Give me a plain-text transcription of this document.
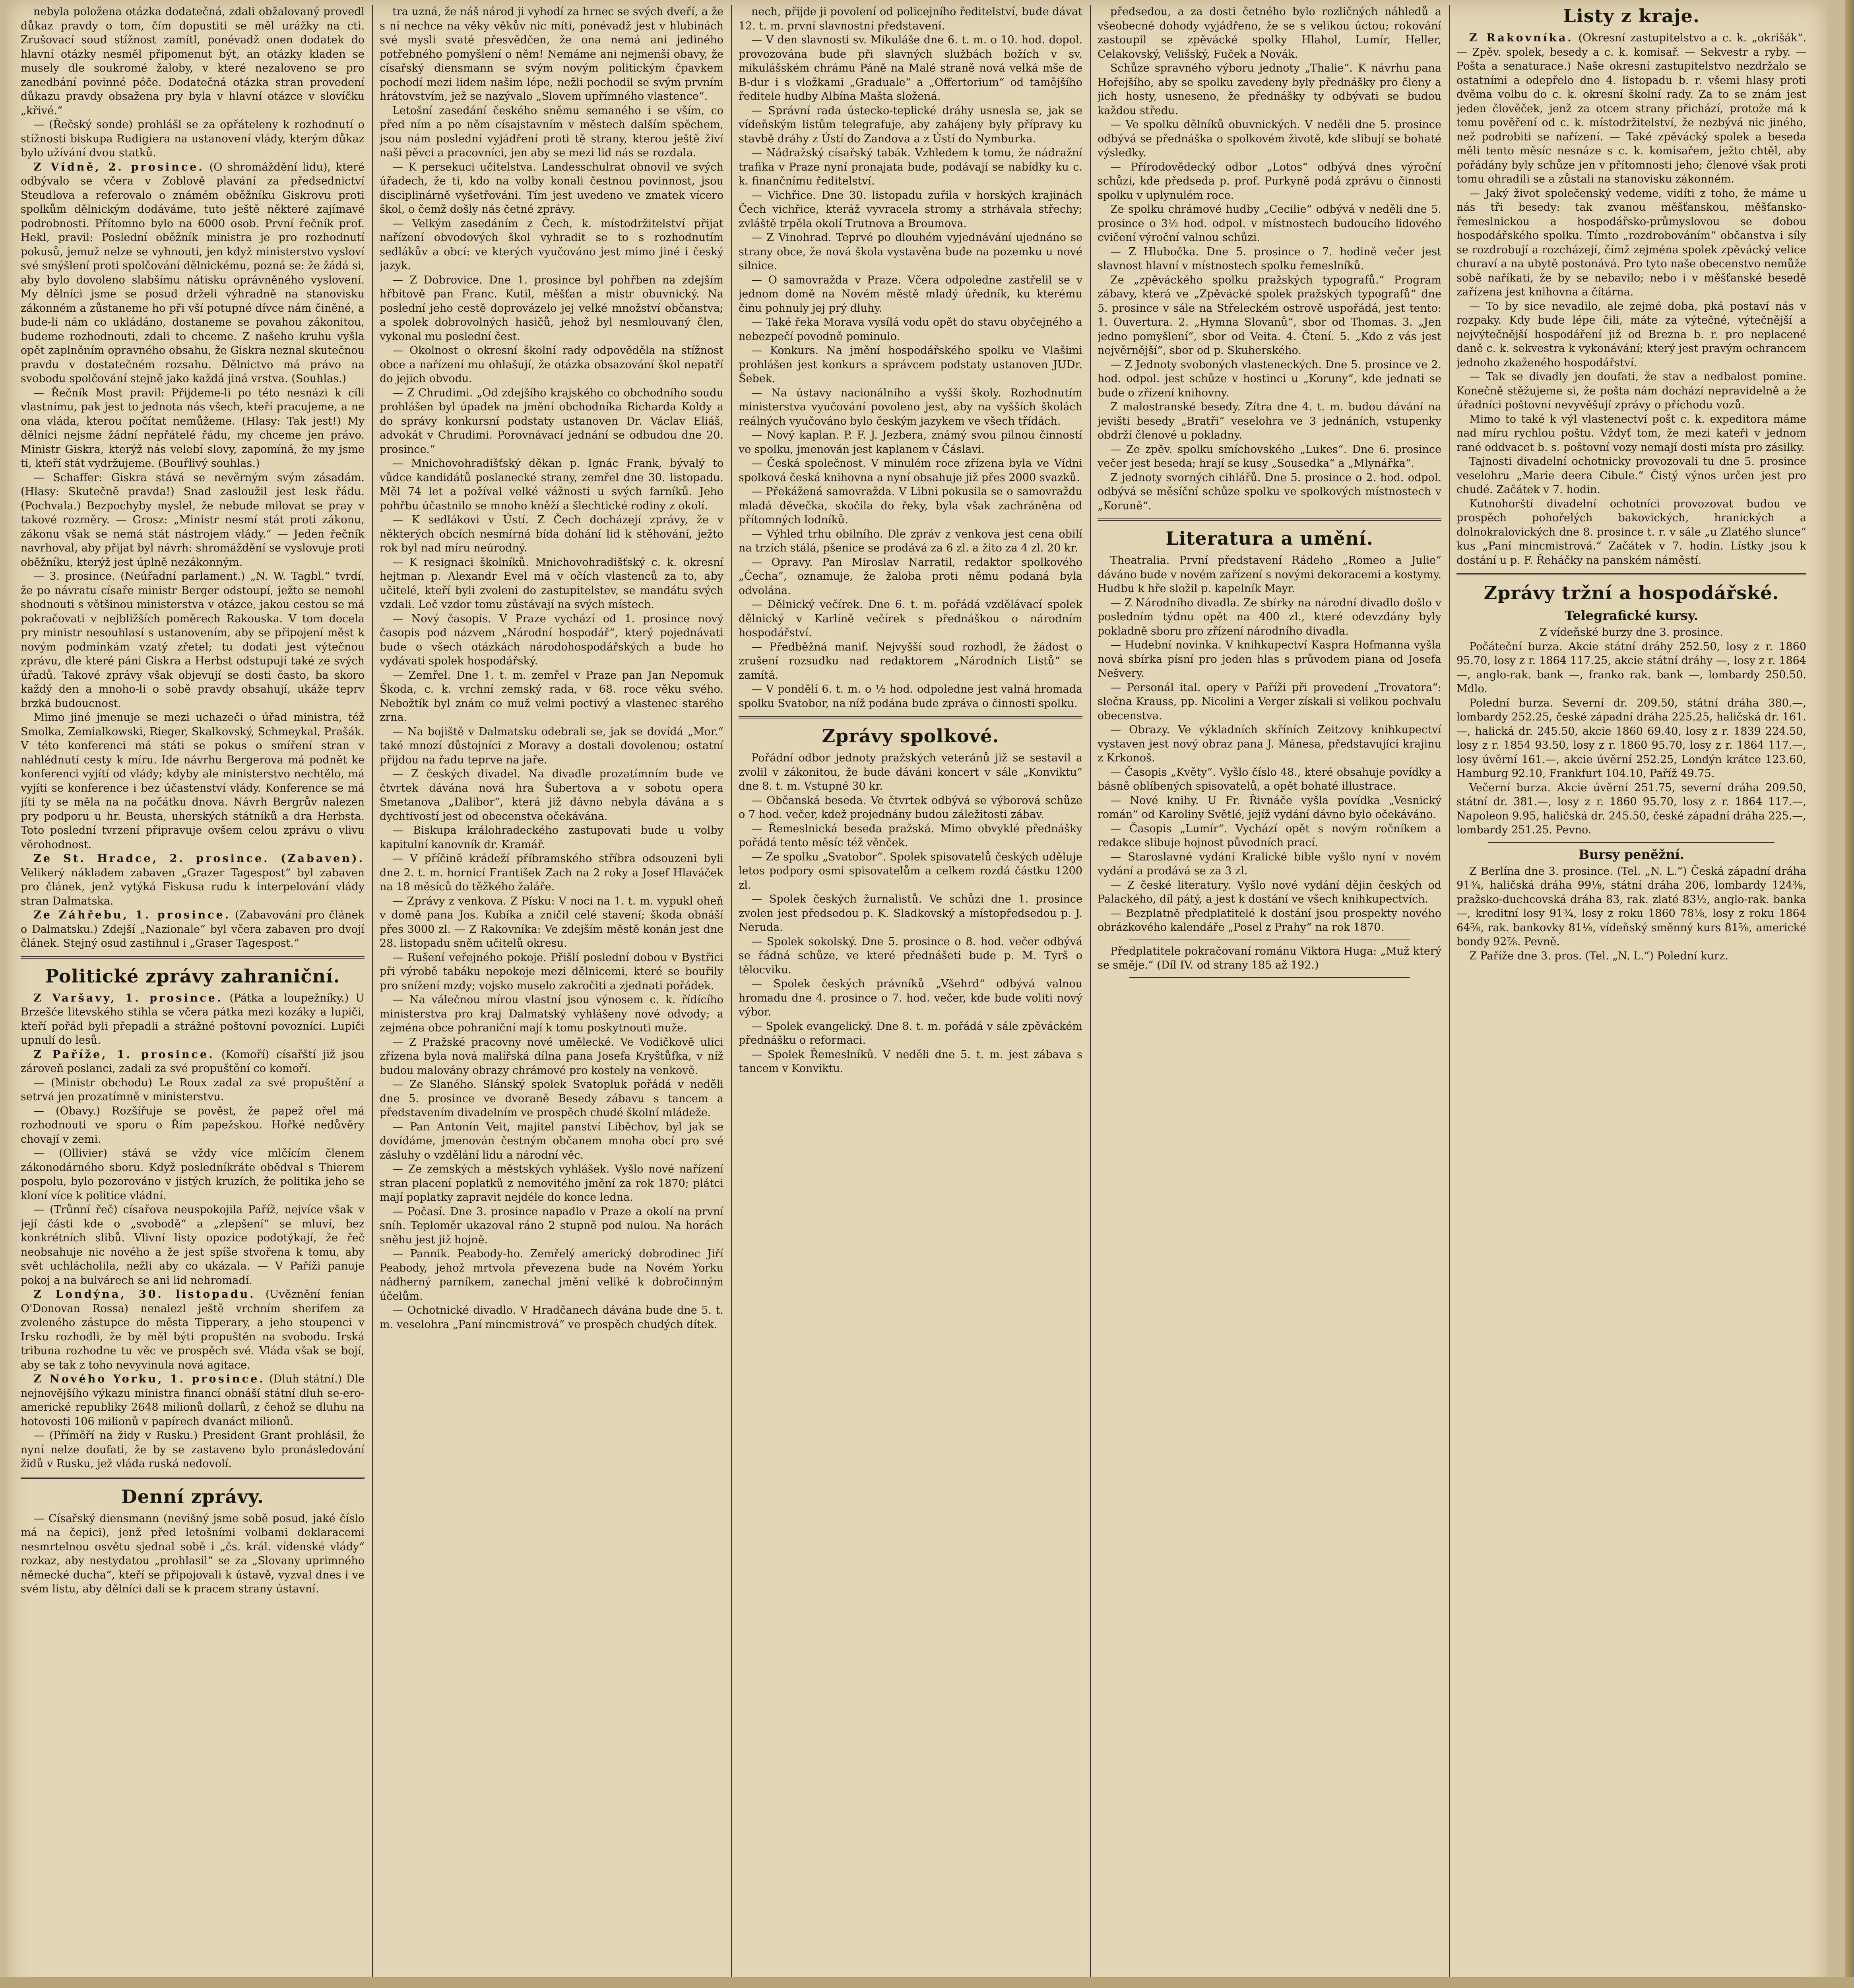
nebyla položena otázka dodatečná, zdali obžalovaný provedl důkaz pravdy o tom, čím dopustiti se měl urážky na cti. Zrušovací soud stížnost zamítl, ponévadž onen dodatek do hlavní otázky nesměl připomenut být, an otázky kladen se musely dle soukromé žaloby, v které nezaloveno se pro zanedbání povinné péče. Dodatečná otázka stran provedení důkazu pravdy obsažena pry byla v hlavní otázce v slovíčku „křivé.“

— (Řečský sonde) prohlášl se za opřáteleny k rozhodnutí o stížnosti biskupa Rudigiera na ustanovení vlády, kterým důkaz bylo užívání dvou statků.

Z Vídně, 2. prosince. (O shromáždění lidu), které odbývalo se včera v Zoblově plavání za předsednictví Steudlova a referovalo o známém oběžníku Giskrovu proti spolkům dělnickým dodáváme, tuto ještě některé zajímavé podrobnosti. Přítomno bylo na 6000 osob. První řečník prof. Hekl, pravil: Poslední oběžník ministra je pro rozhodnutí pokusů, jemuž nelze se vyhnouti, jen když ministerstvo vysloví své smýšlení proti spolčování dělnickému, pozná se: že žádá si, aby bylo dovoleno slabšímu nátisku oprávněného vyslovení. My dělníci jsme se posud drželi výhradně na stanovisku zákonném a zůstaneme ho při vší potupné dívce nám činěné, a bude-li nám co ukládáno, dostaneme se povahou zákonitou, budeme rozhodnouti, zdali to chceme. Z našeho kruhu vyšla opět zaplněním opravného obsahu, že Giskra neznal skutečnou pravdu v dostatečném rozsahu. Dělnictvo má právo na svobodu spolčování stejně jako každá jiná vrstva. (Souhlas.)

— Řečník Most pravil: Přijdeme-li po této nesnázi k cíli vlastnímu, pak jest to jednota nás všech, kteří pracujeme, a ne ona vláda, kterou počítat nemůžeme. (Hlasy: Tak jest!) My dělníci nejsme žádní nepřátelé řádu, my chceme jen právo. Ministr Giskra, kterýž nás velebí slovy, zapomíná, že my jsme ti, kteří stát vydržujeme. (Bouřlivý souhlas.)

— Schaffer: Giskra stává se nevěrným svým zásadám. (Hlasy: Skutečně pravda!) Snad zasloužil jest lesk řádu. (Pochvala.) Bezpochyby myslel, že nebude milovat se pray v takové rozměry. — Grosz: „Ministr nesmí stát proti zákonu, zákonu však se nemá stát nástrojem vlády.“ — Jeden řečník navrhoval, aby přijat byl návrh: shromáždění se vyslovuje proti oběžníku, kterýž jest úplně nezákonným.

— 3. prosince. (Neúřadní parlament.) „N. W. Tagbl.“ tvrdí, že po návratu císaře ministr Berger odstoupí, ježto se nemohl shodnouti s většinou ministerstva v otázce, jakou cestou se má pokračovati v nejbližších poměrech Rakouska. V tom docela pry ministr nesouhlasí s ustanovením, aby se připojení měst k novým podmínkám vzatý zřetel; tu dodati jest výtečnou zprávu, dle které páni Giskra a Herbst odstupují také ze svých úřadů. Takové zprávy však objevují se dosti často, ba skoro každý den a mnoho-li o sobě pravdy obsahují, ukáže teprv brzká budoucnost.

Mimo jiné jmenuje se mezi uchazeči o úřad ministra, též Smolka, Zemialkowski, Rieger, Skalkovský, Schmeykal, Prašák. V této konferenci má státi se pokus o smíření stran v nahlédnutí cesty k míru. Ide návrhu Bergerova má podnět ke konferenci vyjítí od vlády; kdyby ale ministerstvo nechtělo, má vyjíti se konference i bez účastenství vlády. Konference se má jíti ty se měla na na počátku dnova. Návrh Bergrův nalezen pry podporu u hr. Beusta, uherských státníků a dra Herbsta. Toto poslední tvrzení připravuje ovšem celou zprávu o vlivu věrohodnost.

Ze St. Hradce, 2. prosince. (Zabaven). Velikerý nákladem zabaven „Grazer Tagespost“ byl zabaven pro článek, jenž vytýká Fiskusa rudu k interpelování vlády stran Dalmatska.

Ze Záhřebu, 1. prosince. (Zabavování pro článek o Dalmatsku.) Zdejší „Nazionale“ byl včera zabaven pro dvojí článek. Stejný osud zastihnul i „Graser Tagespost.“

Politické zprávy zahraniční.

Z Varšavy, 1. prosince. (Pátka a loupežníky.) U Brzešće litevského stihla se včera pátka mezi kozáky a lupiči, kteří pořád byli přepadli a strážné poštovní povozníci. Lupiči upnulí do lesů.

Z Paříže, 1. prosince. (Komoří) císařští již jsou zároveň poslanci, zadali za své propuštění co komoří.

— (Ministr obchodu) Le Roux zadal za své propuštění a setrvá jen prozatímně v ministerstvu.

— (Obavy.) Rozšířuje se pověst, že papež ořel má rozhodnouti ve sporu o Řím papežskou. Hořké nedůvěry chovají v zemi.

— (Ollivier) stává se vždy více mlčícím členem zákonodárného sboru. Když posledníkráte obědval s Thierem pospolu, bylo pozorováno v jistých kruzích, že politika jeho se kloní více k politice vládní.

— (Trůnní řeč) císařova neuspokojila Paříž, nejvíce však v její části kde o „svobodě“ a „zlepšení“ se mluví, bez konkrétních slibů. Vlivní listy opozice podotýkají, že řeč neobsahuje nic nového a že jest spíše stvořena k tomu, aby svět uchlácholila, nežli aby co ukázala. — V Paříži panuje pokoj a na bulvárech se ani lid nehromadí.

Z Londýna, 30. listopadu. (Uvěznění fenian O'Donovan Rossa) nenalezl ještě vrchním sherifem za zvoleného zástupce do města Tipperary, a jeho stoupenci v Irsku rozhodli, že by měl býti propuštěn na svobodu. Irská tribuna rozhodne tu věc ve prospěch své. Vláda však se bojí, aby se tak z toho nevyvinula nová agitace.

Z Nového Yorku, 1. prosince. (Dluh státní.) Dle nejnovějšího výkazu ministra financí obnáší státní dluh se-ero-americké republiky 2648 milionů dollarů, z čehož se dluhu na hotovosti 106 milionů v papírech dvanáct milionů.

— (Příměří na židy v Rusku.) President Grant prohlásil, že nyní nelze doufati, že by se zastaveno bylo pronásledování židů v Rusku, jež vláda ruská nedovolí.

Denní zprávy.

— Císařský diensmann (nevišný jsme sobě posud, jaké číslo má na čepici), jenž před letošními volbami deklaracemi nesmrtelnou osvětu sjednal sobě i „čs. král. vídenské vlády“ rozkaz, aby nestydatou „prohlasil“ se za „Slovany uprimného německé ducha“, kteří se připojovali k ústavě, vyzval dnes i ve svém listu, aby dělníci dali se k pracem strany ústavní.

tra uzná, že náš národ ji vyhodí za hrnec se svých dveří, a že s ní nechce na věky věkův nic míti, ponévadž jest v hlubinách své mysli svaté přesvědčen, že ona nemá ani jediného potřebného pomyšlení o něm! Nemáme ani nejmenší obavy, že císařský diensmann se svým novým politickým čpavkem pochodí mezi lidem našim lépe, nežli pochodil se svým prvním hrátovstvím, jež se nazývalo „Slovem upřímného vlastence“.

Letošní zasedání českého sněmu semaného i se vším, co před ním a po něm císajstavním v městech dalším spěchem, jsou nám poslední vyjádření proti tě strany, kterou ještě živí naši pěvci a pracovníci, jen aby se mezi lid nás se rozdala.

— K persekuci učitelstva. Landesschulrat obnovil ve svých úřadech, že ti, kdo na volby konali čestnou povinnost, jsou disciplinárně vyšetřováni. Tím jest uvedeno ve zmatek vícero škol, o čemž došly nás četné zprávy.

— Velkým zasedáním z Čech, k. místodržitelství přijat nařízení obvodových škol vyhradit se to s rozhodnutím sedlákův a obcí: ve kterých vyučováno jest mimo jiné i český jazyk.

— Z Dobrovice. Dne 1. prosince byl pohřben na zdejším hřbitově pan Franc. Kutil, měšťan a mistr obuvnický. Na poslední jeho cestě doprovázelo jej velké množství občanstva; a spolek dobrovolných hasičů, jehož byl nesmlouvaný člen, vykonal mu poslední čest.

— Okolnost o okresní školní rady odpověděla na stížnost obce a nařízení mu ohlašují, že otázka obsazování škol nepatří do jejich obvodu.

— Z Chrudimi. „Od zdejšího krajského co obchodního soudu prohlášen byl úpadek na jmění obchodníka Richarda Koldy a do správy konkursní podstaty ustanoven Dr. Václav Eliáš, advokát v Chrudimi. Porovnávací jednání se odbudou dne 20. prosince.“

— Mnichovohradišťský děkan p. Ignác Frank, bývalý to vůdce kandidátů poslanecké strany, zemřel dne 30. listopadu. Měl 74 let a požíval velké vážnosti u svých farníků. Jeho pohřbu účastnilo se mnoho kněží a šlechtické rodiny z okolí.

— K sedlákovi v Ústí. Z Čech docházejí zprávy, že v některých obcích nesmírná bída dohání lid k stěhování, ježto rok byl nad míru neúrodný.

— K resignaci školníků. Mnichovohradišťský c. k. okresní hejtman p. Alexandr Evel má v očích vlastenců za to, aby učitelé, kteří byli zvoleni do zastupitelstev, se mandátu svých vzdali. Leč vzdor tomu zůstávají na svých místech.

— Nový časopis. V Praze vychází od 1. prosince nový časopis pod názvem „Národní hospodář“, který pojednávati bude o všech otázkách národohospodářských a bude ho vydávati spolek hospodářský.

— Zemřel. Dne 1. t. m. zemřel v Praze pan Jan Nepomuk Škoda, c. k. vrchní zemský rada, v 68. roce věku svého. Nebožtík byl znám co muž velmi poctivý a vlastenec starého zrna.

— Na bojiště v Dalmatsku odebrali se, jak se dovídá „Mor.“ také mnozí důstojníci z Moravy a dostali dovolenou; ostatní přijdou na řadu teprve na jaře.

— Z českých divadel. Na divadle prozatímním bude ve čtvrtek dávána nová hra Šubertova a v sobotu opera Smetanova „Dalibor“, která již dávno nebyla dávána a s dychtivostí jest od obecenstva očekávána.

— Biskupa králohradeckého zastupovati bude u volby kapitulní kanovník dr. Kramář.

— V příčině krádeží příbramského stříbra odsouzeni byli dne 2. t. m. hornicí František Zach na 2 roky a Josef Hlaváček na 18 měsíců do těžkého žaláře.

— Zprávy z venkova. Z Písku: V noci na 1. t. m. vypukl oheň v domě pana Jos. Kubíka a zničil celé stavení; škoda obnáší přes 3000 zl. — Z Rakovníka: Ve zdejším městě konán jest dne 28. listopadu sněm učitelů okresu.

— Rušení veřejného pokoje. Přišlí poslední dobou v Bystřici při výrobě tabáku nepokoje mezi dělnicemi, které se bouřily pro snížení mzdy; vojsko muselo zakročiti a zjednati pořádek.

— Na válečnou mírou vlastní jsou výnosem c. k. řídícího ministerstva pro kraj Dalmatský vyhlášeny nové odvody; a zejména obce pohraniční mají k tomu poskytnouti muže.

— Z Pražské pracovny nové umělecké. Ve Vodičkově ulici zřízena byla nová malířská dílna pana Josefa Kryštůfka, v níž budou malovány obrazy chrámové pro kostely na venkově.

— Ze Slaného. Slánský spolek Svatopluk pořádá v neděli dne 5. prosince ve dvoraně Besedy zábavu s tancem a představením divadelním ve prospěch chudé školní mládeže.

— Pan Antonín Veit, majitel panství Liběchov, byl jak se dovídáme, jmenován čestným občanem mnoha obcí pro své zásluhy o vzdělání lidu a národní věc.

— Ze zemských a městských vyhlášek. Vyšlo nové nařízení stran placení poplatků z nemovitého jmění za rok 1870; plátci mají poplatky zapravit nejdéle do konce ledna.

— Počasí. Dne 3. prosince napadlo v Praze a okolí na první sníh. Teploměr ukazoval ráno 2 stupně pod nulou. Na horách sněhu jest již hojně.

— Pannik. Peabody-ho. Zemřelý americký dobrodinec Jiří Peabody, jehož mrtvola převezena bude na Novém Yorku nádherný parníkem, zanechal jmění veliké k dobročinným účelům.

— Ochotnické divadlo. V Hradčanech dávána bude dne 5. t. m. veselohra „Paní mincmistrová“ ve prospěch chudých dítek.

nech, přijde ji povolení od policejního ředitelství, bude dávat 12. t. m. první slavnostní představení.

— V den slavnosti sv. Mikuláše dne 6. t. m. o 10. hod. dopol. provozována bude při slavných službách božích v sv. mikulášském chrámu Páně na Malé straně nová velká mše de B-dur i s vložkami „Graduale“ a „Offertorium“ od tamějšího ředitele hudby Albína Mašta složená.

— Správní rada ústecko-teplické dráhy usnesla se, jak se vídeňským listům telegrafuje, aby zahájeny byly přípravy ku stavbě dráhy z Ústí do Zandova a z Ústí do Nymburka.

— Nádražský císařský tabák. Vzhledem k tomu, že nádražní trafika v Praze nyní pronajata bude, podávají se nabídky ku c. k. finančnímu ředitelství.

— Vichřice. Dne 30. listopadu zuřila v horských krajinách Čech vichřice, kteráž vyvracela stromy a strhávala střechy; zvláště trpěla okolí Trutnova a Broumova.

— Z Vinohrad. Teprvé po dlouhém vyjednávání ujednáno se strany obce, že nová škola vystavěna bude na pozemku u nové silnice.

— O samovražda v Praze. Včera odpoledne zastřelil se v jednom domě na Novém městě mladý úředník, ku kterému činu pohnuly jej prý dluhy.

— Také řeka Morava vysílá vodu opět do stavu obyčejného a nebezpečí povodně pominulo.

— Konkurs. Na jmění hospodářského spolku ve Vlašimi prohlášen jest konkurs a správcem podstaty ustanoven JUDr. Šebek.

— Na ústavy nacionálního a vyšší školy. Rozhodnutím ministerstva vyučování povoleno jest, aby na vyšších školách reálných vyučováno bylo českým jazykem ve všech třídách.

— Nový kaplan. P. F. J. Jezbera, známý svou pilnou činností ve spolku, jmenován jest kaplanem v Čáslavi.

— Česká společnost. V minulém roce zřízena byla ve Vídni spolková česká knihovna a nyní obsahuje již přes 2000 svazků.

— Překážená samovražda. V Libni pokusila se o samovraždu mladá děvečka, skočila do řeky, byla však zachráněna od přítomných lodníků.

— Výhled trhu obilního. Dle zpráv z venkova jest cena obilí na trzích stálá, pšenice se prodává za 6 zl. a žito za 4 zl. 20 kr.

— Opravy. Pan Miroslav Narratil, redaktor spolkového „Čecha“, oznamuje, že žaloba proti němu podaná byla odvolána.

— Dělnický večírek. Dne 6. t. m. pořádá vzdělávací spolek dělnický v Karlíně večírek s přednáškou o národním hospodářství.

— Předběžná manif. Nejvyšší soud rozhodl, že žádost o zrušení rozsudku nad redaktorem „Národních Listů“ se zamítá.

— V pondělí 6. t. m. o ½ hod. odpoledne jest valná hromada spolku Svatobor, na níž podána bude zpráva o činnosti spolku.

Zprávy spolkové.

Pořádní odbor jednoty pražských veteránů již se sestavil a zvolil v zákonitou, že bude dáváni koncert v sále „Konviktu“ dne 8. t. m. Vstupné 30 kr.

— Občanská beseda. Ve čtvrtek odbývá se výborová schůze o 7 hod. večer, kdež projednány budou záležitosti zábav.

— Řemeslnická beseda pražská. Mimo obvyklé přednášky pořádá tento měsíc též věnček.

— Ze spolku „Svatobor“. Spolek spisovatelů českých uděluje letos podpory osmi spisovatelům a celkem rozdá částku 1200 zl.

— Spolek českých žurnalistů. Ve schůzi dne 1. prosince zvolen jest předsedou p. K. Sladkovský a místopředsedou p. J. Neruda.

— Spolek sokolský. Dne 5. prosince o 8. hod. večer odbývá se řádná schůze, ve které přednášeti bude p. M. Tyrš o tělocviku.

— Spolek českých právníků „Všehrd“ odbývá valnou hromadu dne 4. prosince o 7. hod. večer, kde bude voliti nový výbor.

— Spolek evangelický. Dne 8. t. m. pořádá v sále zpěváckém přednášku o reformaci.

— Spolek Řemeslníků. V neděli dne 5. t. m. jest zábava s tancem v Konviktu.

předsedou, a za dosti četného bylo rozličných náhledů a všeobecné dohody vyjádřeno, že se s velikou úctou; rokování zastoupil se zpěvácké spolky Hlahol, Lumír, Heller, Celakovský, Velišský, Fuček a Novák.

Schůze spravného výboru jednoty „Thalie“. K návrhu pana Hořejšího, aby se spolku zavedeny byly přednášky pro členy a jich hosty, usneseno, že přednášky ty odbývati se budou každou středu.

— Ve spolku dělníků obuvnických. V neděli dne 5. prosince odbývá se přednáška o spolkovém životě, kde slibují se bohaté výsledky.

— Přírodovědecký odbor „Lotos“ odbývá dnes výroční schůzi, kde předseda p. prof. Purkyně podá zprávu o činnosti spolku v uplynulém roce.

Ze spolku chrámové hudby „Cecilie“ odbývá v neděli dne 5. prosince o 3½ hod. odpol. v místnostech budoucího lidového cvičení výroční valnou schůzi.

— Z Hlubočka. Dne 5. prosince o 7. hodině večer jest slavnost hlavní v místnostech spolku řemeslníků.

Ze „zpěváckého spolku pražských typografů.“ Program zábavy, která ve „Zpěvácké spolek pražských typografů“ dne 5. prosince v sále na Střeleckém ostrově uspořádá, jest tento: 1. Ouvertura. 2. „Hymna Slovanů“, sbor od Thomas. 3. „Jen jedno pomyšlení“, sbor od Veita. 4. Čtení. 5. „Kdo z vás jest nejvěrnější“, sbor od p. Skuherského.

— Z Jednoty svoboných vlasteneckých. Dne 5. prosince ve 2. hod. odpol. jest schůze v hostinci u „Koruny“, kde jednati se bude o zřízení knihovny.

Z malostranské besedy. Zítra dne 4. t. m. budou dávání na jevišti besedy „Bratři“ veselohra ve 3 jednáních, vstupenky obdrží členové u pokladny.

— Ze zpěv. spolku smíchovského „Lukes“. Dne 6. prosince večer jest beseda; hrají se kusy „Sousedka“ a „Mlynářka“.

Z jednoty svorných cihlářů. Dne 5. prosince o 2. hod. odpol. odbývá se měsíční schůze spolku ve spolkových místnostech v „Koruně“.

Literatura a umění.

Theatralia. První představení Rádeho „Romeo a Julie“ dáváno bude v novém zařízení s novými dekoracemi a kostymy. Hudbu k hře složil p. kapelník Mayr.

— Z Národního divadla. Ze sbírky na národní divadlo došlo v posledním týdnu opět na 400 zl., které odevzdány byly pokladně sboru pro zřízení národního divadla.

— Hudební novinka. V knihkupectví Kaspra Hofmanna vyšla nová sbírka písní pro jeden hlas s průvodem piana od Josefa Nešvery.

— Personál ital. opery v Paříži při provedení „Trovatora“: slečna Krauss, pp. Nicolini a Verger získali si velikou pochvalu obecenstva.

— Obrazy. Ve výkladních skříních Zeitzovy knihkupectví vystaven jest nový obraz pana J. Mánesa, představující krajinu z Krkonoš.

— Časopis „Květy“. Vyšlo číslo 48., které obsahuje povídky a básně oblíbených spisovatelů, a opět bohaté illustrace.

— Nové knihy. U Fr. Řivnáče vyšla povídka „Vesnický román“ od Karoliny Světlé, jejíž vydání dávno bylo očekáváno.

— Časopis „Lumír“. Vychází opět s novým ročníkem a redakce slibuje hojnost původních prací.

— Staroslavné vydání Kralické bible vyšlo nyní v novém vydání a prodává se za 3 zl.

— Z české literatury. Vyšlo nové vydání dějin českých od Palackého, díl pátý, a jest k dostání ve všech knihkupectvích.

— Bezplatně předplatitelé k dostání jsou prospekty nového obrázkového kalendáře „Posel z Prahy“ na rok 1870.

Předplatitele pokračovaní románu Viktora Huga: „Muž který se směje.“ (Díl IV. od strany 185 až 192.)

Listy z kraje.

Z Rakovníka. (Okresní zastupitelstvo a c. k. „okrišák“. — Zpěv. spolek, besedy a c. k. komisař. — Sekvestr a ryby. — Pošta a senaturace.) Naše okresní zastupitelstvo nezdržalo se ostatními a odepřelo dne 4. listopadu b. r. všemi hlasy proti dvěma volbu do c. k. okresní školní rady. Za to se znám jest jeden člověček, jenž za otcem strany přichází, protože má k tomu pověření od c. k. místodržitelství, že nezbývá nic jiného, než podrobiti se nařízení. — Také zpěvácký spolek a beseda měli tento měsíc nesnáze s c. k. komisařem, ježto chtěl, aby pořádány byly schůze jen v přítomnosti jeho; členové však proti tomu ohradili se a zůstali na stanovisku zákonném.

— Jaký život společenský vedeme, vidíti z toho, že máme u nás tři besedy: tak zvanou měšťanskou, měšťansko-řemeslnickou a hospodářsko-průmyslovou se dobou hospodářského spolku. Tímto „rozdrobováním“ občanstva i síly se rozdrobují a rozcházejí, čímž zejména spolek zpěvácký velice churaví a na ubytě postonává. Pro tyto naše obecenstvo nemůže sobě naříkati, že by se nebavilo; nebo i v měšťanské besedě zařízena jest knihovna a čítárna.

— To by sice nevadilo, ale zejmé doba, pká postaví nás v rozpaky. Kdy bude lépe čili, máte za výtečné, výtečnější a nejvýtečnější hospodáření již od Brezna b. r. pro neplacené daně c. k. sekvestra k vykonávání; který jest pravým ochrancem jednoho zkaženého hospodářství.

— Tak se divadly jen doufati, že stav a nedbalost pomine. Konečně stěžujeme si, že pošta nám dochází nepravidelně a že úřadníci poštovní nevyvěšují zprávy o příchodu vozů.

Mimo to také k výl vlastenectví pošt c. k. expeditora máme nad míru rychlou poštu. Vždyť tom, že mezi kateři v jednom rané oddvacet b. s. poštovní vozy nemají dosti místa pro zásilky.

Tajnosti divadelní ochotnicky provozovali tu dne 5. prosince veselohru „Marie deera Cibule.“ Čistý výnos určen jest pro chudé. Začátek v 7. hodin.

Kutnohorští divadelní ochotníci provozovat budou ve prospěch pohořelých bakovických, hranických a dolnokralovických dne 8. prosince t. r. v sále „u Zlatého slunce“ kus „Paní mincmistrová.“ Začátek v 7. hodin. Lístky jsou k dostání u p. F. Řeháčky na panském náměstí.

Zprávy tržní a hospodářské.
Telegrafické kursy.

Z vídeňské burzy dne 3. prosince.

Počáteční burza. Akcie státní dráhy 252.50, losy z r. 1860 95.70, losy z r. 1864 117.25, akcie státní dráhy —, losy z r. 1864 —, anglo-rak. bank —, franko rak. bank —, lombardy 250.50. Mdlo.

Polední burza. Severní dr. 209.50, státní dráha 380.—, lombardy 252.25, české západní dráha 225.25, haličská dr. 161.—, halická dr. 245.50, akcie 1860 69.40, losy z r. 1839 224.50, losy z r. 1854 93.50, losy z r. 1860 95.70, losy z r. 1864 117.—, losy úvěrní 161.—, akcie úvěrní 252.25, Londýn krátce 123.60, Hamburg 92.10, Frankfurt 104.10, Paříž 49.75.

Večerní burza. Akcie úvěrní 251.75, severní dráha 209.50, státní dr. 381.—, losy z r. 1860 95.70, losy z r. 1864 117.—, Napoleon 9.95, haličská dr. 245.50, české západní dráha 225.—, lombardy 251.25. Pevno.

Bursy peněžní.

Z Berlína dne 3. prosince. (Tel. „N. L.“) Česká západní dráha 91¾, haličská dráha 99⅛, státní dráha 206, lombardy 124⅜, pražsko-duchcovská dráha 83, rak. zlaté 83½, anglo-rak. banka —, kreditní losy 91¾, losy z roku 1860 78⅛, losy z roku 1864 64⅝, rak. bankovky 81⅛, vídeňský směnný kurs 81⅝, americké bondy 92⅞. Pevně.

Z Paříže dne 3. pros. (Tel. „N. L.“) Polední kurz.
